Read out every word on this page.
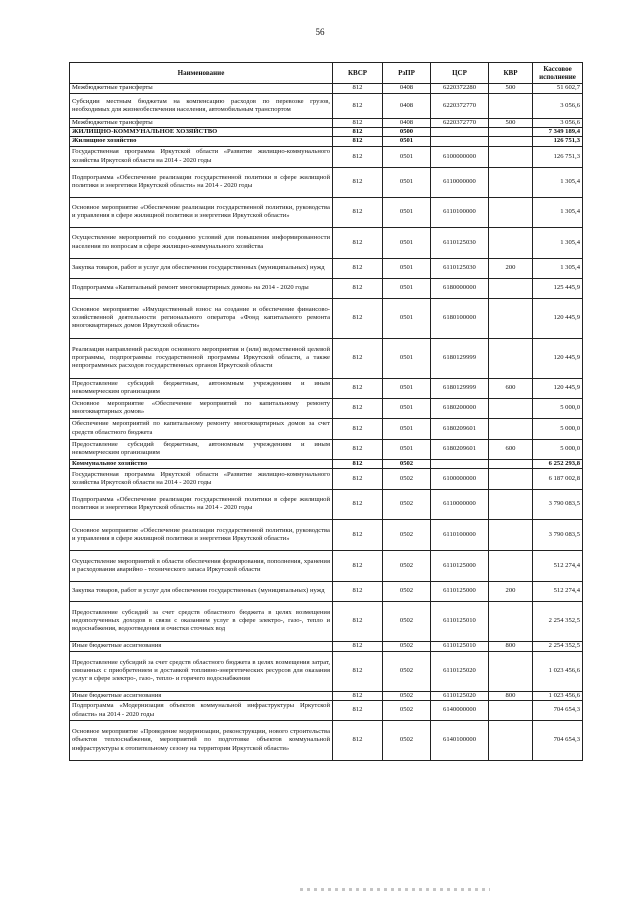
56
Наименование	КВСР	РзПР	ЦСР	КВР	Кассовое исполнение
Межбюджетные трансферты	812	0408	6220372280	500	51 602,7
Субсидии местным бюджетам на компенсацию расходов по перевозке грузов, необходимых для жизнеобеспечения населения, автомобильным транспортом	812	0408	6220372770		3 056,6
Межбюджетные трансферты	812	0408	6220372770	500	3 056,6
ЖИЛИЩНО-КОММУНАЛЬНОЕ ХОЗЯЙСТВО	812	0500			7 349 189,4
Жилищное хозяйство	812	0501			126 751,3
Государственная программа Иркутской области «Развитие жилищно-коммунального хозяйства Иркутской области на 2014 - 2020 годы	812	0501	6100000000		126 751,3
Подпрограмма «Обеспечение реализации государственной политики в сфере жилищной политики и энергетики Иркутской области» на 2014 - 2020 годы	812	0501	6110000000		1 305,4
Основное мероприятие «Обеспечение реализации государственной политики, руководства и управления в сфере жилищной политики и энергетики Иркутской области»	812	0501	6110100000		1 305,4
Осуществление мероприятий по созданию условий для повышения информированности населения по вопросам в сфере жилищно-коммунального хозяйства	812	0501	6110125030		1 305,4
Закупка товаров, работ и услуг для обеспечения государственных (муниципальных) нужд	812	0501	6110125030	200	1 305,4
Подпрограмма «Капитальный ремонт многоквартирных домов» на 2014 - 2020 годы	812	0501	6180000000		125 445,9
Основное мероприятие «Имущественный взнос на создание и обеспечение финансово-хозяйственной деятельности регионального оператора «Фонд капитального ремонта многоквартирных домов Иркутской области»	812	0501	6180100000		120 445,9
Реализация направлений расходов основного мероприятия и (или) ведомственной целевой программы, подпрограммы государственной программы Иркутской области, а также непрограммных расходов государственных органов Иркутской области	812	0501	6180129999		120 445,9
Предоставление субсидий бюджетным, автономным учреждениям и иным некоммерческим организациям	812	0501	6180129999	600	120 445,9
Основное мероприятие «Обеспечение мероприятий по капитальному ремонту многоквартирных домов»	812	0501	6180200000		5 000,0
Обеспечение мероприятий по капитальному ремонту многоквартирных домов за счет средств областного бюджета	812	0501	6180209601		5 000,0
Предоставление субсидий бюджетным, автономным учреждениям и иным некоммерческим организациям	812	0501	6180209601	600	5 000,0
Коммунальное хозяйство	812	0502			6 252 293,8
Государственная программа Иркутской области «Развитие жилищно-коммунального хозяйства Иркутской области на 2014 - 2020 годы	812	0502	6100000000		6 187 002,8
Подпрограмма «Обеспечение реализации государственной политики в сфере жилищной политики и энергетики Иркутской области» на 2014 - 2020 годы	812	0502	6110000000		3 790 083,5
Основное мероприятие «Обеспечение реализации государственной политики, руководства и управления в сфере жилищной политики и энергетики Иркутской области»	812	0502	6110100000		3 790 083,5
Осуществление мероприятий в области обеспечения формирования, пополнения, хранения и расходования аварийно - технического запаса Иркутской области	812	0502	6110125000		512 274,4
Закупка товаров, работ и услуг для обеспечения государственных (муниципальных) нужд	812	0502	6110125000	200	512 274,4
Предоставление субсидий за счет средств областного бюджета в целях возмещения недополученных доходов в связи с оказанием услуг в сфере электро-, газо-, тепло и водоснабжения, водоотведения и очистки сточных вод	812	0502	6110125010		2 254 352,5
Иные бюджетные ассигнования	812	0502	6110125010	800	2 254 352,5
Предоставление субсидий за счет средств областного бюджета в целях возмещения затрат, связанных с приобретением и доставкой топливно-энергетических ресурсов для оказания услуг в сфере электро-, газо-, тепло- и горячего водоснабжения	812	0502	6110125020		1 023 456,6
Иные бюджетные ассигнования	812	0502	6110125020	800	1 023 456,6
Подпрограмма «Модернизация объектов коммунальной инфраструктуры Иркутской области» на 2014 - 2020 годы	812	0502	6140000000		704 654,3
Основное мероприятие «Проведение модернизации, реконструкции, нового строительства объектов теплоснабжения, мероприятий по подготовке объектов коммунальной инфраструктуры к отопительному сезону на территории Иркутской области»	812	0502	6140100000		704 654,3
